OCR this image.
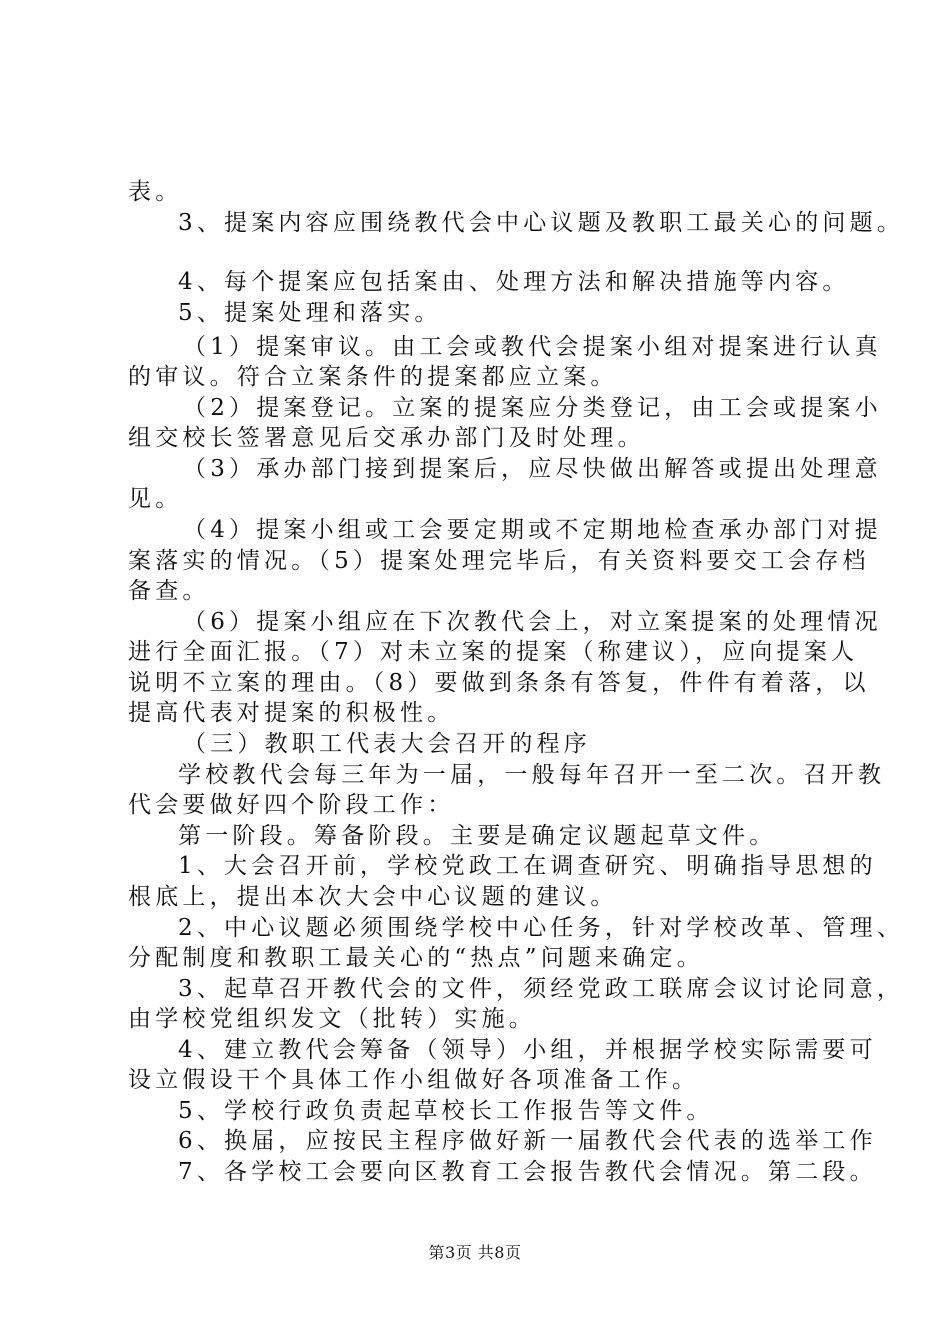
表。
3、提案内容应围绕教代会中心议题及教职工最关心的问题。
4、每个提案应包括案由、处理方法和解决措施等内容。
5、提案处理和落实。
（1）提案审议。由工会或教代会提案小组对提案进行认真
的审议。符合立案条件的提案都应立案。
（2）提案登记。立案的提案应分类登记，由工会或提案小
组交校长签署意见后交承办部门及时处理。
（3）承办部门接到提案后，应尽快做出解答或提出处理意
见。
（4）提案小组或工会要定期或不定期地检查承办部门对提
案落实的情况。（5）提案处理完毕后，有关资料要交工会存档
备查。
（6）提案小组应在下次教代会上，对立案提案的处理情况
进行全面汇报。（7）对未立案的提案（称建议），应向提案人
说明不立案的理由。（8）要做到条条有答复，件件有着落，以
提高代表对提案的积极性。
（三）教职工代表大会召开的程序
学校教代会每三年为一届，一般每年召开一至二次。召开教
代会要做好四个阶段工作：
第一阶段。筹备阶段。主要是确定议题起草文件。
1、大会召开前，学校党政工在调查研究、明确指导思想的
根底上，提出本次大会中心议题的建议。
2、中心议题必须围绕学校中心任务，针对学校改革、管理、
分配制度和教职工最关心的“热点”问题来确定。
3、起草召开教代会的文件，须经党政工联席会议讨论同意，
由学校党组织发文（批转）实施。
4、建立教代会筹备（领导）小组，并根据学校实际需要可
设立假设干个具体工作小组做好各项准备工作。
5、学校行政负责起草校长工作报告等文件。
6、换届，应按民主程序做好新一届教代会代表的选举工作
7、各学校工会要向区教育工会报告教代会情况。第二段。
第3页 共8页
